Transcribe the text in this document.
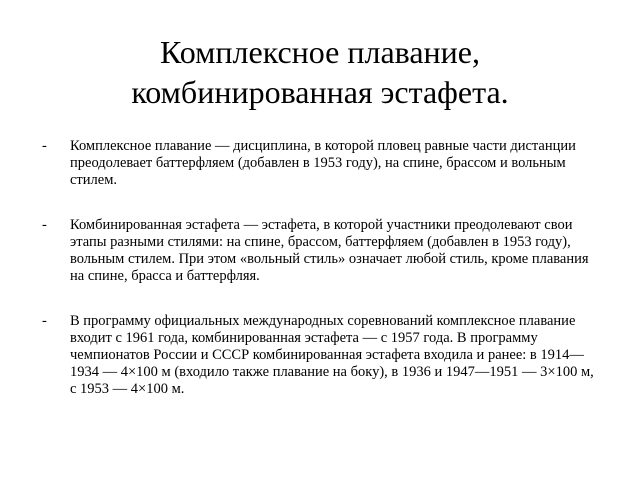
Комплексное плавание,
комбинированная эстафета.
- Комплексное плавание — дисциплина, в которой пловец равные части дистанции преодолевает баттерфляем (добавлен в 1953 году), на спине, брассом и вольным стилем.
- Комбинированная эстафета — эстафета, в которой участники преодолевают свои этапы разными стилями: на спине, брассом, баттерфляем (добавлен в 1953 году), вольным стилем. При этом «вольный стиль» означает любой стиль, кроме плавания на спине, брасса и баттерфляя.
- В программу официальных международных соревнований комплексное плавание входит с 1961 года, комбинированная эстафета — с 1957 года. В программу чемпионатов России и СССР комбинированная эстафета входила и ранее: в 1914—1934 — 4×100 м (входило также плавание на боку), в 1936 и 1947—1951 — 3×100 м, с 1953 — 4×100 м.
